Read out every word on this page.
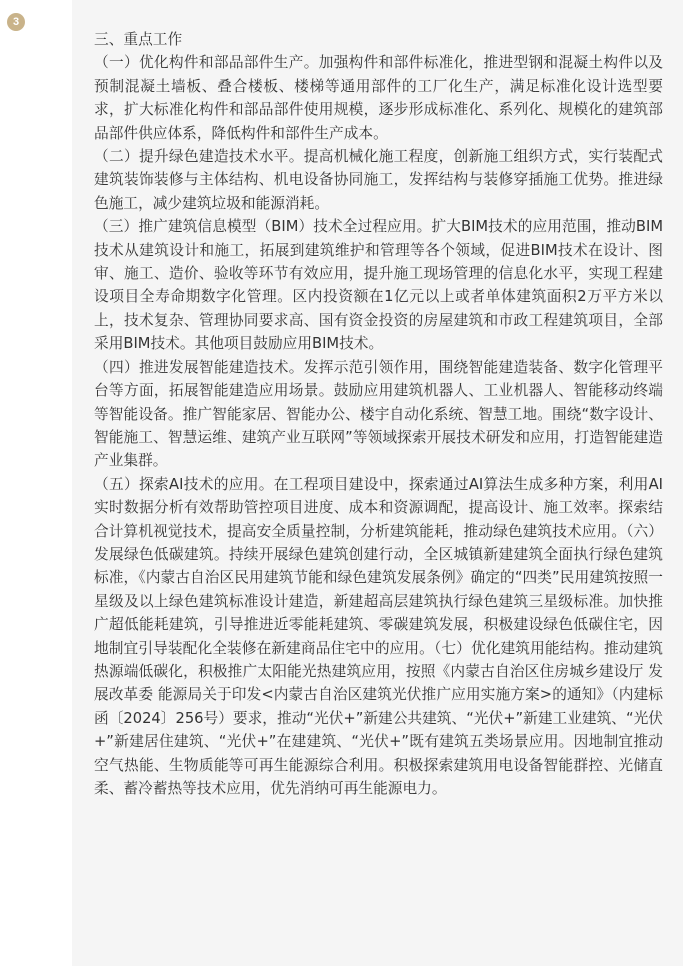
3

三、重点工作

（一）优化构件和部品部件生产。加强构件和部件标准化，推进型钢和混凝土构件以及预制混凝土墙板、叠合楼板、楼梯等通用部件的工厂化生产，满足标准化设计选型要求，扩大标准化构件和部品部件使用规模，逐步形成标准化、系列化、规模化的建筑部品部件供应体系，降低构件和部件生产成本。

（二）提升绿色建造技术水平。提高机械化施工程度，创新施工组织方式，实行装配式建筑装饰装修与主体结构、机电设备协同施工，发挥结构与装修穿插施工优势。推进绿色施工，减少建筑垃圾和能源消耗。

（三）推广建筑信息模型（BIM）技术全过程应用。扩大BIM技术的应用范围，推动BIM技术从建筑设计和施工，拓展到建筑维护和管理等各个领域，促进BIM技术在设计、图审、施工、造价、验收等环节有效应用，提升施工现场管理的信息化水平，实现工程建设项目全寿命期数字化管理。区内投资额在1亿元以上或者单体建筑面积2万平方米以上，技术复杂、管理协同要求高、国有资金投资的房屋建筑和市政工程建筑项目，全部采用BIM技术。其他项目鼓励应用BIM技术。

（四）推进发展智能建造技术。发挥示范引领作用，围绕智能建造装备、数字化管理平台等方面，拓展智能建造应用场景。鼓励应用建筑机器人、工业机器人、智能移动终端等智能设备。推广智能家居、智能办公、楼宇自动化系统、智慧工地。围绕“数字设计、智能施工、智慧运维、建筑产业互联网”等领域探索开展技术研发和应用，打造智能建造产业集群。

（五）探索AI技术的应用。在工程项目建设中，探索通过AI算法生成多种方案，利用AI实时数据分析有效帮助管控项目进度、成本和资源调配，提高设计、施工效率。探索结合计算机视觉技术，提高安全质量控制，分析建筑能耗，推动绿色建筑技术应用。（六）发展绿色低碳建筑。持续开展绿色建筑创建行动，全区城镇新建建筑全面执行绿色建筑标准，《内蒙古自治区民用建筑节能和绿色建筑发展条例》确定的“四类”民用建筑按照一星级及以上绿色建筑标准设计建造，新建超高层建筑执行绿色建筑三星级标准。加快推广超低能耗建筑，引导推进近零能耗建筑、零碳建筑发展，积极建设绿色低碳住宅，因地制宜引导装配化全装修在新建商品住宅中的应用。（七）优化建筑用能结构。推动建筑热源端低碳化，积极推广太阳能光热建筑应用，按照《内蒙古自治区住房城乡建设厅 发展改革委 能源局关于印发<内蒙古自治区建筑光伏推广应用实施方案>的通知》（内建标函〔2024〕256号）要求，推动“光伏+”新建公共建筑、“光伏+”新建工业建筑、“光伏+”新建居住建筑、“光伏+”在建建筑、“光伏+”既有建筑五类场景应用。因地制宜推动空气热能、生物质能等可再生能源综合利用。积极探索建筑用电设备智能群控、光储直柔、蓄冷蓄热等技术应用，优先消纳可再生能源电力。
